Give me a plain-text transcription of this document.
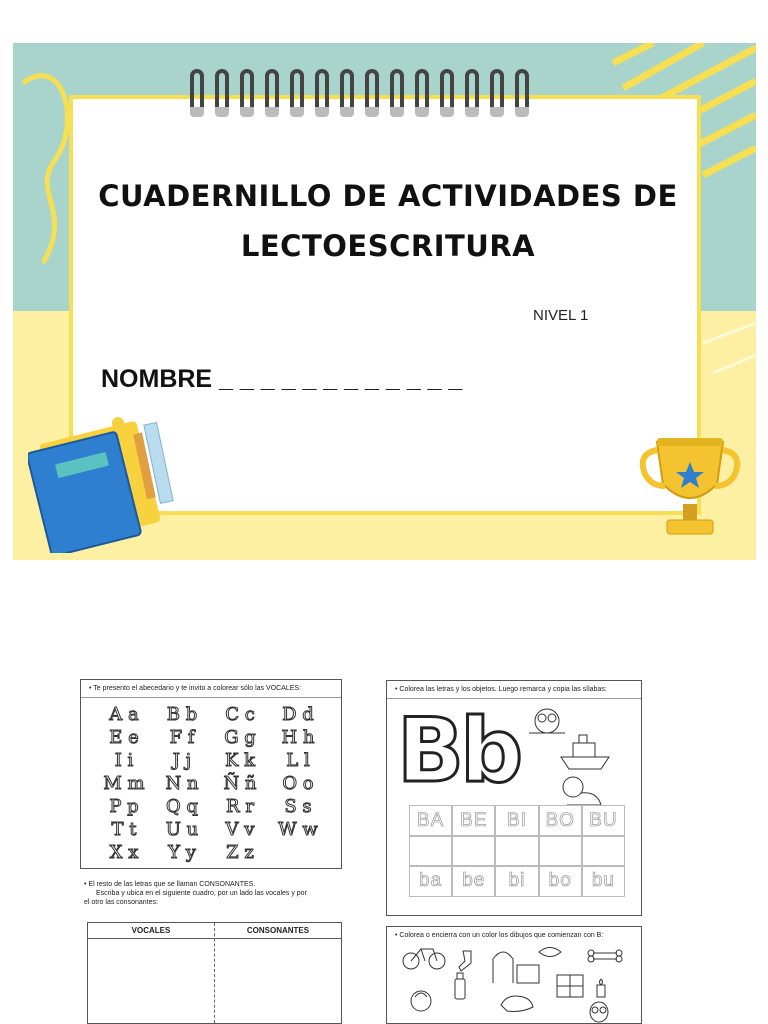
CUADERNILLO DE ACTIVIDADES DE
LECTOESCRITURA
NIVEL 1
NOMBRE _ _ _ _ _ _ _ _ _ _ _ _
• Te presento el abecedario y te invito a colorear sólo las VOCALES:
A a	B b	C c	D d
E e	F f	G g	H h
I i	J j	K k	L l
M m	N n	Ñ ñ	O o
P p	Q q	R r	S s
T t	U u	V v	W w
X x	Y y	Z z
• El resto de las letras que se llaman CONSONANTES.
Escriba y ubica en el siguiente cuadro, por un lado las vocales y por
el otro las consonantes:
VOCALES	CONSONANTES
• Colorea las letras y los objetos. Luego remarca y copia las sílabas:
Bb
BA BE	BI BO BU
ba	be	bi	bo	bu
• Colorea o encierra con un color los dibujos que comienzan con B:
